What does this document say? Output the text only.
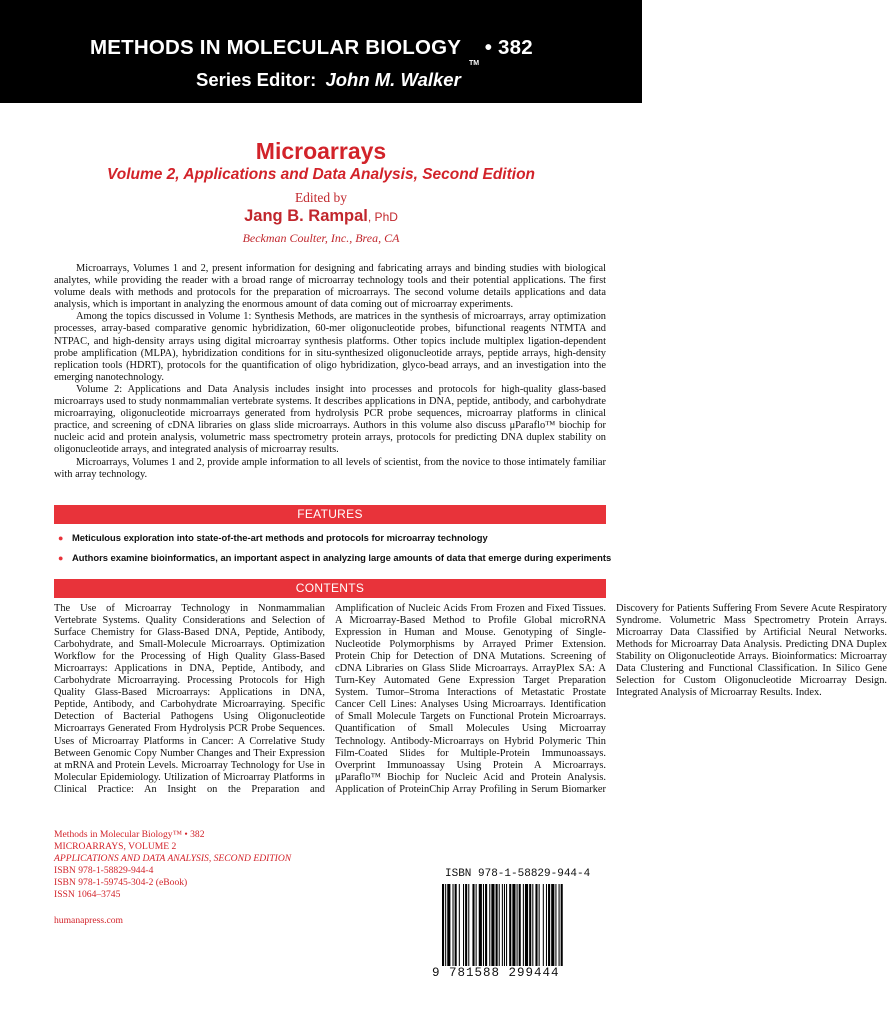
METHODS IN MOLECULAR BIOLOGY • 382
Series Editor: John M. Walker
TM
Microarrays
Volume 2, Applications and Data Analysis, Second Edition
Edited by
Jang B. Rampal, PhD
Beckman Coulter, Inc., Brea, CA

Microarrays, Volumes 1 and 2, present information for designing and fabricating arrays and binding studies with biological analytes, while providing the reader with a broad range of microarray technology tools and their potential applications. The first volume deals with methods and protocols for the preparation of microarrays. The second volume details applications and data analysis, which is important in analyzing the enormous amount of data coming out of microarray experiments.

Among the topics discussed in Volume 1: Synthesis Methods, are matrices in the synthesis of microarrays, array optimization processes, array-based comparative genomic hybridization, 60-mer oligonucleotide probes, bifunctional reagents NTMTA and NTPAC, and high-density arrays using digital microarray synthesis platforms. Other topics include multiplex ligation-dependent probe amplification (MLPA), hybridization conditions for in situ-synthesized oligonucleotide arrays, peptide arrays, high-density replication tools (HDRT), protocols for the quantification of oligo hybridization, glyco-bead arrays, and an investigation into the emerging nanotechnology.

Volume 2: Applications and Data Analysis includes insight into processes and protocols for high-quality glass-based microarrays used to study nonmammalian vertebrate systems. It describes applications in DNA, peptide, antibody, and carbohydrate microarraying, oligonucleotide microarrays generated from hydrolysis PCR probe sequences, microarray platforms in clinical practice, and screening of cDNA libraries on glass slide microarrays. Authors in this volume also discuss μParaflo™ biochip for nucleic acid and protein analysis, volumetric mass spectrometry protein arrays, protocols for predicting DNA duplex stability on oligonucleotide arrays, and integrated analysis of microarray results.

Microarrays, Volumes 1 and 2, provide ample information to all levels of scientist, from the novice to those intimately familiar with array technology.

FEATURES
● Meticulous exploration into state-of-the-art methods and protocols for microarray technology
● Authors examine bioinformatics, an important aspect in analyzing large amounts of data that emerge during experiments
CONTENTS
The Use of Microarray Technology in Nonmammalian Vertebrate Systems. Quality Considerations and Selection of Surface Chemistry for Glass-Based DNA, Peptide, Antibody, Carbohydrate, and Small-Molecule Microarrays. Optimization Workflow for the Processing of High Quality Glass-Based Microarrays: Applications in DNA, Peptide, Antibody, and Carbohydrate Microarraying. Processing Protocols for High Quality Glass-Based Microarrays: Applications in DNA, Peptide, Antibody, and Carbohydrate Microarraying. Specific Detection of Bacterial Pathogens Using Oligonucleotide Microarrays Generated From Hydrolysis PCR Probe Sequences. Uses of Microarray Platforms in Cancer: A Correlative Study Between Genomic Copy Number Changes and Their Expression at mRNA and Protein Levels. Microarray Technology for Use in Molecular Epidemiology. Utilization of Microarray Platforms in Clinical Practice: An Insight on the Preparation and Amplification of Nucleic Acids From Frozen and Fixed Tissues. A Microarray-Based Method to Profile Global microRNA Expression in Human and Mouse. Genotyping of Single-Nucleotide Polymorphisms by Arrayed Primer Extension. Protein Chip for Detection of DNA Mutations. Screening of cDNA Libraries on Glass Slide Microarrays. ArrayPlex SA: A Turn-Key Automated Gene Expression Target Preparation System. Tumor–Stroma Interactions of Metastatic Prostate Cancer Cell Lines: Analyses Using Microarrays. Identification of Small Molecule Targets on Functional Protein Microarrays. Quantification of Small Molecules Using Microarray Technology. Antibody-Microarrays on Hybrid Polymeric Thin Film-Coated Slides for Multiple-Protein Immunoassays. Overprint Immunoassay Using Protein A Microarrays. μParaflo™ Biochip for Nucleic Acid and Protein Analysis. Application of ProteinChip Array Profiling in Serum Biomarker Discovery for Patients Suffering From Severe Acute Respiratory Syndrome. Volumetric Mass Spectrometry Protein Arrays. Microarray Data Classified by Artificial Neural Networks. Methods for Microarray Data Analysis. Predicting DNA Duplex Stability on Oligonucleotide Arrays. Bioinformatics: Microarray Data Clustering and Functional Classification. In Silico Gene Selection for Custom Oligonucleotide Microarray Design. Integrated Analysis of Microarray Results. Index.
Methods in Molecular Biology™ • 382
MICROARRAYS, VOLUME 2
APPLICATIONS AND DATA ANALYSIS, SECOND EDITION
ISBN 978-1-58829-944-4
ISBN 978-1-59745-304-2 (eBook)
ISSN 1064–3745
humanapress.com
ISBN 978-1-58829-944-4
9 781588 299444
